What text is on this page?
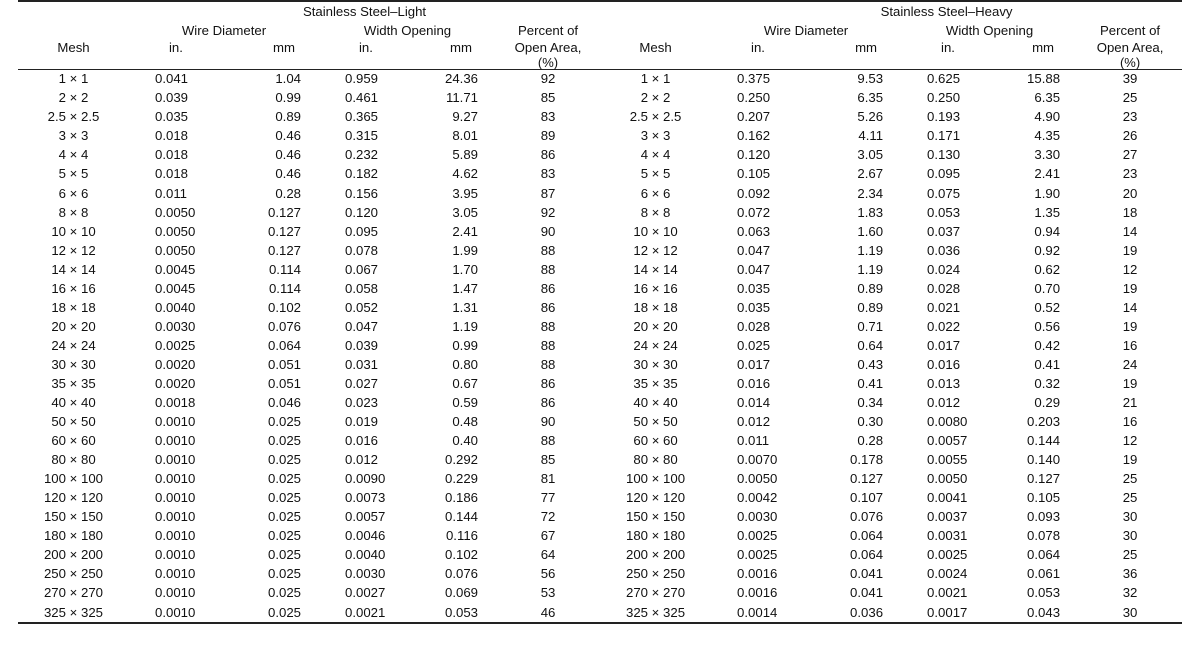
	Stainless Steel–Light						Stainless Steel–Heavy				
	Wire Diameter		Width Opening		Percent of		Wire Diameter		Width Opening		Percent of
Mesh	in.	mm	in.	mm	Open Area,	Mesh	in.	mm	in.	mm	Open Area,
					(%)						(%)
1 × 1	0.041	1.04	0.959	24.36	92	1 × 1	0.375	9.53	0.625	15.88	39
2 × 2	0.039	0.99	0.461	11.71	85	2 × 2	0.250	6.35	0.250	6.35	25
2.5 × 2.5	0.035	0.89	0.365	9.27	83	2.5 × 2.5	0.207	5.26	0.193	4.90	23
3 × 3	0.018	0.46	0.315	8.01	89	3 × 3	0.162	4.11	0.171	4.35	26
4 × 4	0.018	0.46	0.232	5.89	86	4 × 4	0.120	3.05	0.130	3.30	27
5 × 5	0.018	0.46	0.182	4.62	83	5 × 5	0.105	2.67	0.095	2.41	23
6 × 6	0.011	0.28	0.156	3.95	87	6 × 6	0.092	2.34	0.075	1.90	20
8 × 8	0.0050	0.127	0.120	3.05	92	8 × 8	0.072	1.83	0.053	1.35	18
10 × 10	0.0050	0.127	0.095	2.41	90	10 × 10	0.063	1.60	0.037	0.94	14
12 × 12	0.0050	0.127	0.078	1.99	88	12 × 12	0.047	1.19	0.036	0.92	19
14 × 14	0.0045	0.114	0.067	1.70	88	14 × 14	0.047	1.19	0.024	0.62	12
16 × 16	0.0045	0.114	0.058	1.47	86	16 × 16	0.035	0.89	0.028	0.70	19
18 × 18	0.0040	0.102	0.052	1.31	86	18 × 18	0.035	0.89	0.021	0.52	14
20 × 20	0.0030	0.076	0.047	1.19	88	20 × 20	0.028	0.71	0.022	0.56	19
24 × 24	0.0025	0.064	0.039	0.99	88	24 × 24	0.025	0.64	0.017	0.42	16
30 × 30	0.0020	0.051	0.031	0.80	88	30 × 30	0.017	0.43	0.016	0.41	24
35 × 35	0.0020	0.051	0.027	0.67	86	35 × 35	0.016	0.41	0.013	0.32	19
40 × 40	0.0018	0.046	0.023	0.59	86	40 × 40	0.014	0.34	0.012	0.29	21
50 × 50	0.0010	0.025	0.019	0.48	90	50 × 50	0.012	0.30	0.0080	0.203	16
60 × 60	0.0010	0.025	0.016	0.40	88	60 × 60	0.011	0.28	0.0057	0.144	12
80 × 80	0.0010	0.025	0.012	0.292	85	80 × 80	0.0070	0.178	0.0055	0.140	19
100 × 100	0.0010	0.025	0.0090	0.229	81	100 × 100	0.0050	0.127	0.0050	0.127	25
120 × 120	0.0010	0.025	0.0073	0.186	77	120 × 120	0.0042	0.107	0.0041	0.105	25
150 × 150	0.0010	0.025	0.0057	0.144	72	150 × 150	0.0030	0.076	0.0037	0.093	30
180 × 180	0.0010	0.025	0.0046	0.116	67	180 × 180	0.0025	0.064	0.0031	0.078	30
200 × 200	0.0010	0.025	0.0040	0.102	64	200 × 200	0.0025	0.064	0.0025	0.064	25
250 × 250	0.0010	0.025	0.0030	0.076	56	250 × 250	0.0016	0.041	0.0024	0.061	36
270 × 270	0.0010	0.025	0.0027	0.069	53	270 × 270	0.0016	0.041	0.0021	0.053	32
325 × 325	0.0010	0.025	0.0021	0.053	46	325 × 325	0.0014	0.036	0.0017	0.043	30
